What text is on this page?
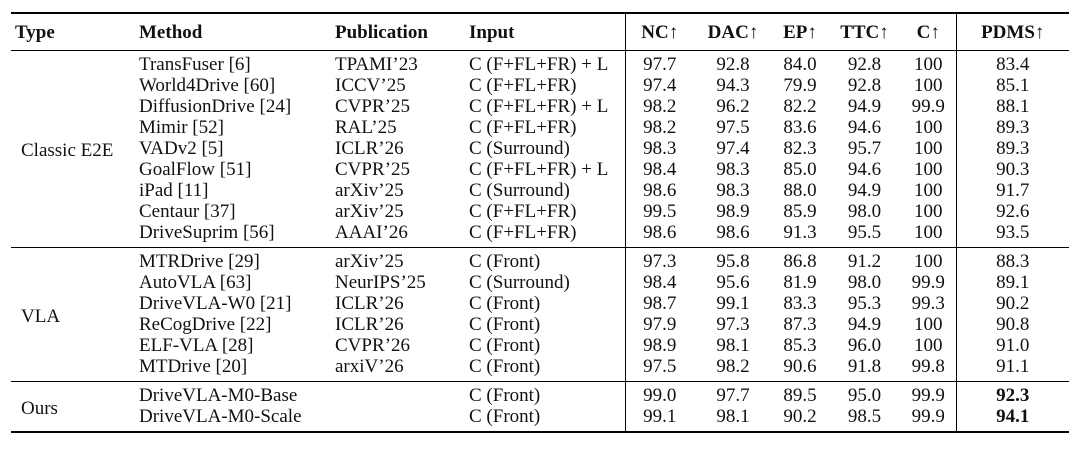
Type	Method	Publication	Input	NC↑	DAC↑	EP↑	TTC↑	C↑	PDMS↑
Classic E2E	TransFuser [6]	TPAMI’23	C (F+FL+FR) + L	97.7	92.8	84.0	92.8	100	83.4
	World4Drive [60]	ICCV’25	C (F+FL+FR)	97.4	94.3	79.9	92.8	100	85.1
	DiffusionDrive [24]	CVPR’25	C (F+FL+FR) + L	98.2	96.2	82.2	94.9	99.9	88.1
	Mimir [52]	RAL’25	C (F+FL+FR)	98.2	97.5	83.6	94.6	100	89.3
	VADv2 [5]	ICLR’26	C (Surround)	98.3	97.4	82.3	95.7	100	89.3
	GoalFlow [51]	CVPR’25	C (F+FL+FR) + L	98.4	98.3	85.0	94.6	100	90.3
	iPad [11]	arXiv’25	C (Surround)	98.6	98.3	88.0	94.9	100	91.7
	Centaur [37]	arXiv’25	C (F+FL+FR)	99.5	98.9	85.9	98.0	100	92.6
	DriveSuprim [56]	AAAI’26	C (F+FL+FR)	98.6	98.6	91.3	95.5	100	93.5
VLA	MTRDrive [29]	arXiv’25	C (Front)	97.3	95.8	86.8	91.2	100	88.3
	AutoVLA [63]	NeurIPS’25	C (Surround)	98.4	95.6	81.9	98.0	99.9	89.1
	DriveVLA-W0 [21]	ICLR’26	C (Front)	98.7	99.1	83.3	95.3	99.3	90.2
	ReCogDrive [22]	ICLR’26	C (Front)	97.9	97.3	87.3	94.9	100	90.8
	ELF-VLA [28]	CVPR’26	C (Front)	98.9	98.1	85.3	96.0	100	91.0
	MTDrive [20]	arxiV’26	C (Front)	97.5	98.2	90.6	91.8	99.8	91.1
Ours	DriveVLA-M0-Base		C (Front)	99.0	97.7	89.5	95.0	99.9	92.3
	DriveVLA-M0-Scale		C (Front)	99.1	98.1	90.2	98.5	99.9	94.1
